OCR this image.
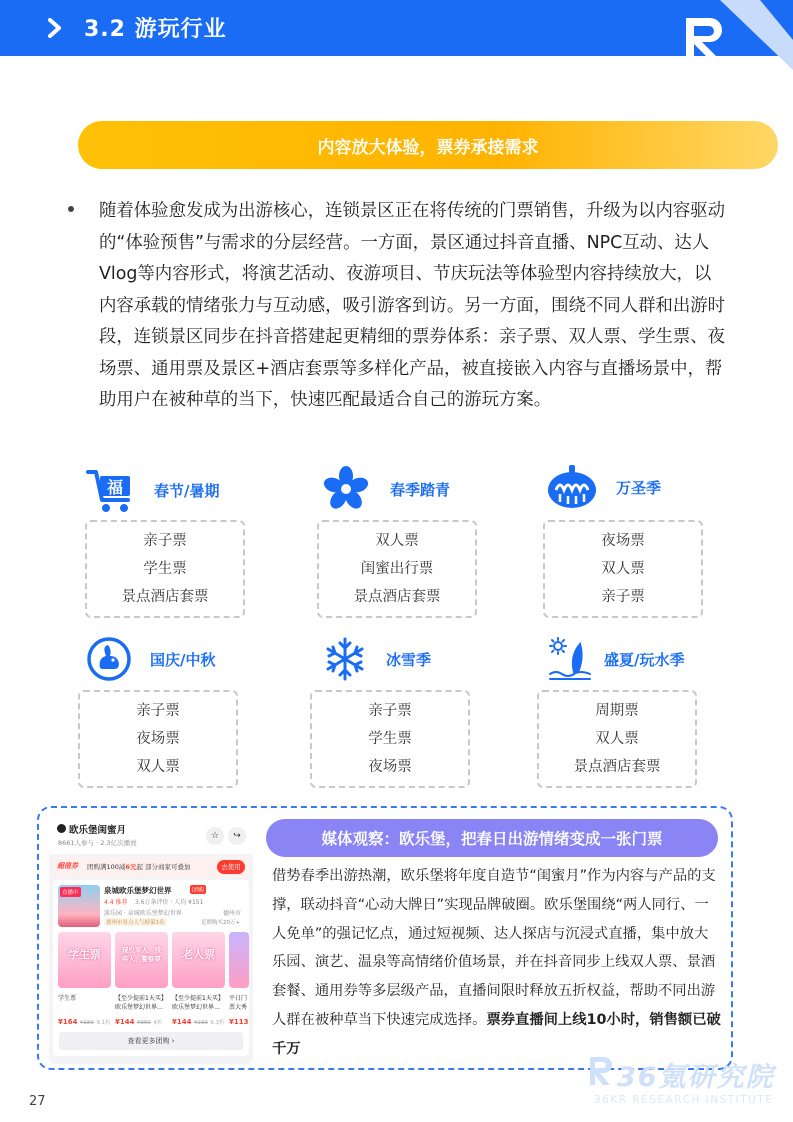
3.2 游玩行业
内容放大体验，票券承接需求

随着体验愈发成为出游核心，连锁景区正在将传统的门票销售，升级为以内容驱动的“体验预售”与需求的分层经营。一方面，景区通过抖音直播、NPC互动、达人Vlog等内容形式，将演艺活动、夜游项目、节庆玩法等体验型内容持续放大，以内容承载的情绪张力与互动感，吸引游客到访。另一方面，围绕不同人群和出游时段，连锁景区同步在抖音搭建起更精细的票券体系：亲子票、双人票、学生票、夜场票、通用票及景区+酒店套票等多样化产品，被直接嵌入内容与直播场景中，帮助用户在被种草的当下，快速匹配最适合自己的游玩方案。

福 春节/暑期
亲子票
学生票
景点酒店套票
春季踏青
双人票
闺蜜出行票
景点酒店套票
万圣季
夜场票
双人票
亲子票
国庆/中秋
亲子票
夜场票
双人票
冰雪季
亲子票
学生票
夜场票
盛夏/玩水季
周期票
双人票
景点酒店套票
欧乐堡闺蜜月
8661人参与 · 2.3亿次播放
☆	↪
超值券 团购满100减6元起 部分商家可叠加	去使用
直播中	泉城欧乐堡梦幻世界	团购
4.4 推荐 3.6万条评价 · 人均 ¥151
游乐园 · 泉城欧乐堡梦幻世界	德州市
德州市景点人气榜第1名	近期购买20万+
学生票	现役军人、残疾人、警察票	老人票
学生票	【至少提前1天买】欧乐堡梦幻世界…
【至少提前1天买】欧乐堡梦幻世界…
平日门票大秀
¥164 ¥180 9.1折 ¥144 ¥360 4折 ¥144 ¥230 6.3折 ¥113
查看更多团购 ›
媒体观察：欧乐堡，把春日出游情绪变成一张门票

借势春季出游热潮，欧乐堡将年度自造节“闺蜜月”作为内容与产品的支撑，联动抖音“心动大牌日”实现品牌破圈。欧乐堡围绕“两人同行、一人免单”的强记忆点，通过短视频、达人探店与沉浸式直播，集中放大乐园、演艺、温泉等高情绪价值场景，并在抖音同步上线双人票、景酒套餐、通用券等多层级产品，直播间限时释放五折权益，帮助不同出游人群在被种草当下快速完成选择。票券直播间上线10小时，销售额已破千万

27
36氪研究院
36KR RESEARCH INSTITUTE
